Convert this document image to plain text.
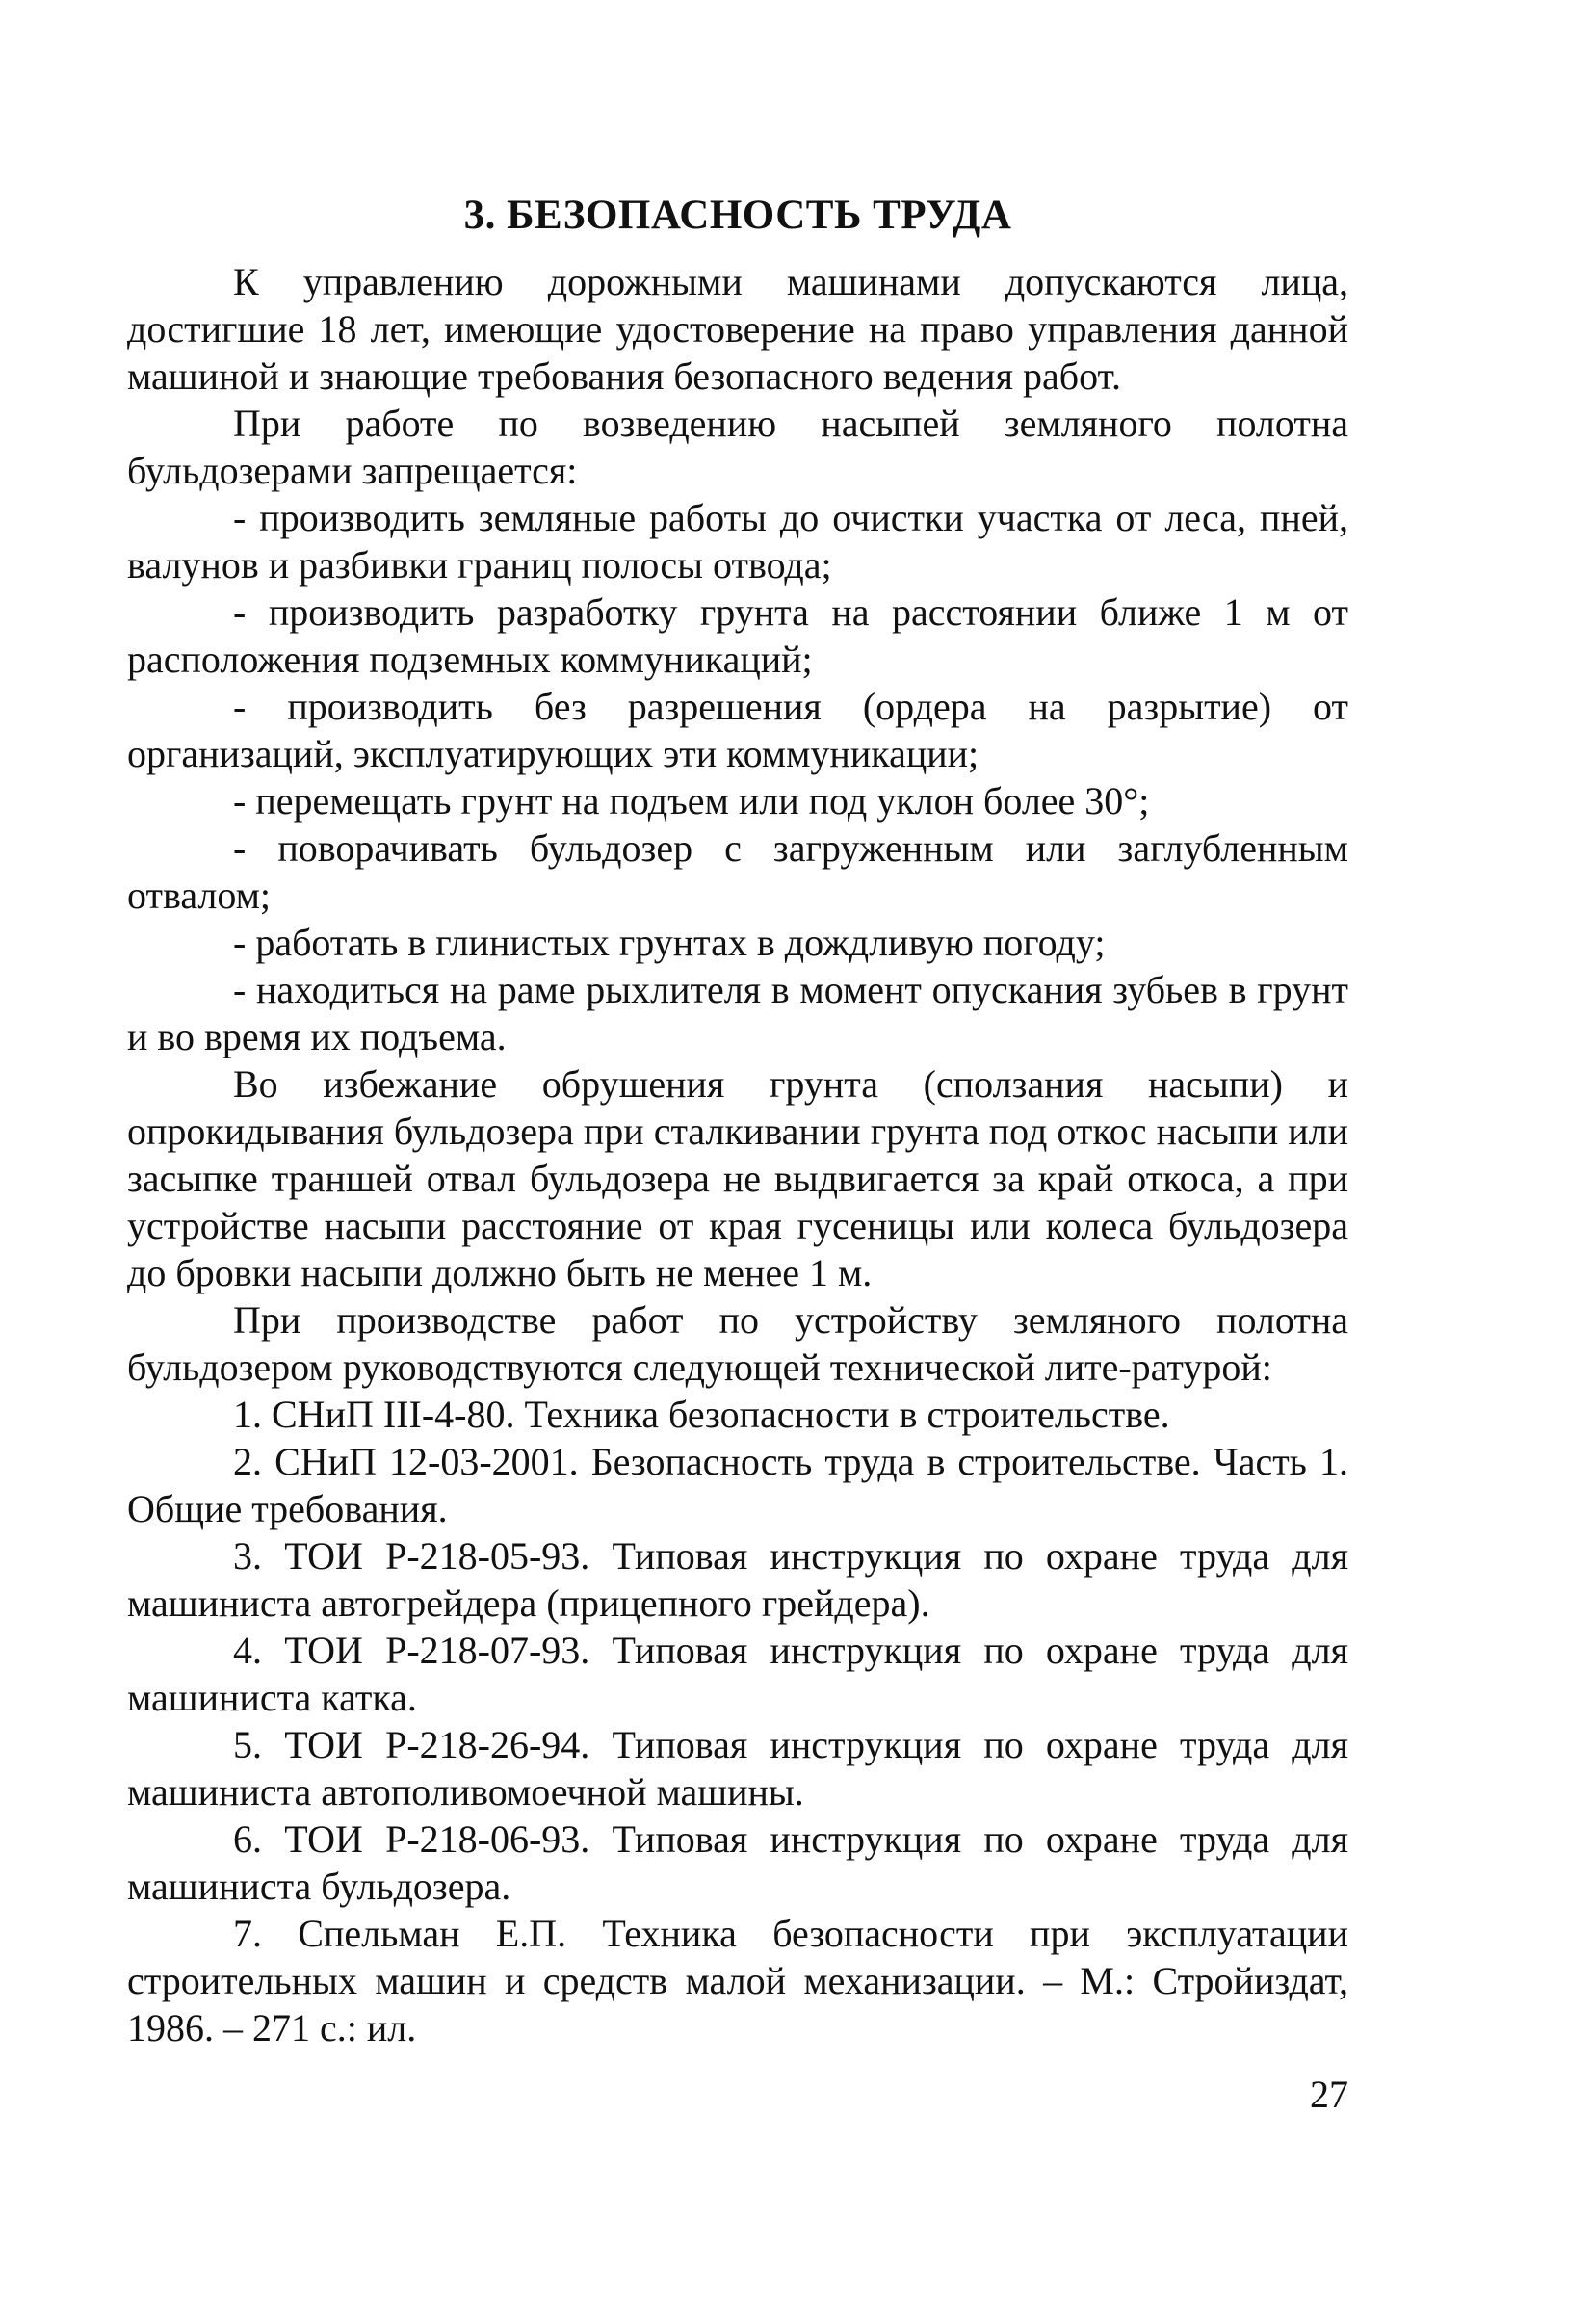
3. БЕЗОПАСНОСТЬ ТРУДА

К управлению дорожными машинами допускаются лица, достигшие 18 лет, имеющие удостоверение на право управления данной машиной и знающие требования безопасного ведения работ.

При работе по возведению насыпей земляного полотна бульдозерами запрещается:

- производить земляные работы до очистки участка от леса, пней, валунов и разбивки границ полосы отвода;

- производить разработку грунта на расстоянии ближе 1 м от расположения подземных коммуникаций;

- производить без разрешения (ордера на разрытие) от организаций, эксплуатирующих эти коммуникации;

- перемещать грунт на подъем или под уклон более 30°;

- поворачивать бульдозер с загруженным или заглубленным отвалом;

- работать в глинистых грунтах в дождливую погоду;

- находиться на раме рыхлителя в момент опускания зубьев в грунт и во время их подъема.

Во избежание обрушения грунта (сползания насыпи) и опрокидывания бульдозера при сталкивании грунта под откос насыпи или засыпке траншей отвал бульдозера не выдвигается за край откоса, а при устройстве насыпи расстояние от края гусеницы или колеса бульдозера до бровки насыпи должно быть не менее 1 м.

При производстве работ по устройству земляного полотна бульдозером руководствуются следующей технической лите-ратурой:

1. СНиП III-4-80. Техника безопасности в строительстве.

2. СНиП 12-03-2001. Безопасность труда в строительстве. Часть 1. Общие требования.

3. ТОИ Р-218-05-93. Типовая инструкция по охране труда для машиниста автогрейдера (прицепного грейдера).

4. ТОИ Р-218-07-93. Типовая инструкция по охране труда для машиниста катка.

5. ТОИ Р-218-26-94. Типовая инструкция по охране труда для машиниста автополивомоечной машины.

6. ТОИ Р-218-06-93. Типовая инструкция по охране труда для машиниста бульдозера.

7. Спельман Е.П. Техника безопасности при эксплуатации строительных машин и средств малой механизации. – М.: Стройиздат, 1986. – 271 с.: ил.

27
